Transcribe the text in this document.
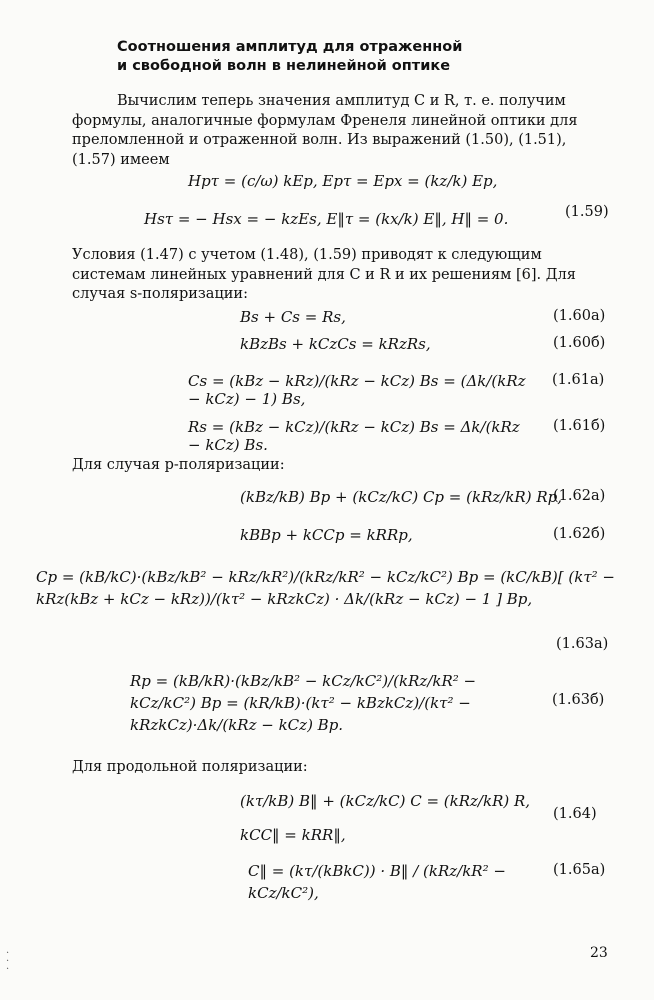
Соотношения амплитуд для отраженной
и свободной волн в нелинейной оптике
Вычислим теперь значения амплитуд C и R, т. е. получим формулы, аналогичные формулам Френеля линейной оптики для преломленной и отраженной волн. Из выражений (1.50), (1.51), (1.57) имеем
Hpτ = (c/ω) kEp, Epτ = Epx = (kz/k) Ep,
Hsτ = − Hsx = − kzEs, E‖τ = (kx/k) E‖, H‖ = 0.	(1.59)
Условия (1.47) с учетом (1.48), (1.59) приводят к следующим системам линейных уравнений для C и R и их решениям [6]. Для случая s-поляризации:
Bs + Cs = Rs,	(1.60а)
kBzBs + kCzCs = kRzRs,	(1.60б)
Cs = (kBz − kRz)/(kRz − kCz) Bs = (Δk/(kRz − kCz) − 1) Bs,
(1.61а)
Rs = (kBz − kCz)/(kRz − kCz) Bs = Δk/(kRz − kCz) Bs.
(1.61б)
Для случая p-поляризации:
(kBz/kB) Bp + (kCz/kC) Cp = (kRz/kR) Rp,
(1.62а)
kBBp + kCCp = kRRp,	(1.62б)
Cp = (kB/kC)·(kBz/kB² − kRz/kR²)/(kRz/kR² − kCz/kC²) Bp = (kC/kB)[ (kτ² − kRz(kBz + kCz − kRz))/(kτ² − kRzkCz) · Δk/(kRz − kCz) − 1 ] Bp,
(1.63а)
Rp = (kB/kR)·(kBz/kB² − kCz/kC²)/(kRz/kR² − kCz/kC²) Bp = (kR/kB)·(kτ² − kBzkCz)/(kτ² − kRzkCz)·Δk/(kRz − kCz) Bp.
(1.63б)
Для продольной поляризации:
(kτ/kB) B‖ + (kCz/kC) C = (kRz/kR) R,
kCC‖ = kRR‖,
(1.64)
C‖ = (kτ/(kBkC)) · B‖ / (kRz/kR² − kCz/kC²),
(1.65а)
23
·
·
·
